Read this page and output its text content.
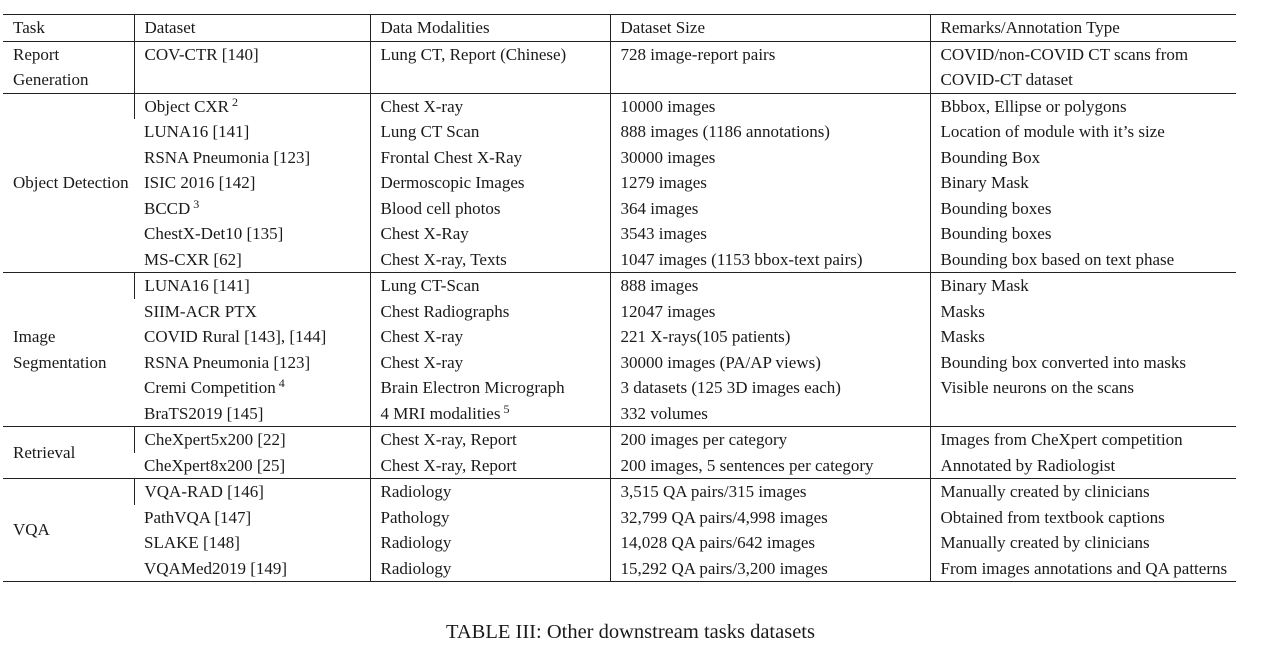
Task	Dataset	Data Modalities	Dataset Size	Remarks/Annotation Type
Report Generation	COV-CTR [140]	Lung CT, Report (Chinese)	728 image-report pairs	COVID/non-COVID CT scans from COVID-CT dataset
Object Detection	Object CXR $^2$	Chest X-ray	10000 images	Bbbox, Ellipse or polygons
	LUNA16 [141]	Lung CT Scan	888 images (1186 annotations)	Location of module with it’s size
	RSNA Pneumonia [123]	Frontal Chest X-Ray	30000 images	Bounding Box
	ISIC 2016 [142]	Dermoscopic Images	1279 images	Binary Mask
	BCCD $^3$	Blood cell photos	364 images	Bounding boxes
	ChestX-Det10 [135]	Chest X-Ray	3543 images	Bounding boxes
	MS-CXR [62]	Chest X-ray, Texts	1047 images (1153 bbox-text pairs)	Bounding box based on text phase
Image Segmentation	LUNA16 [141]	Lung CT-Scan	888 images	Binary Mask
	SIIM-ACR PTX	Chest Radiographs	12047 images	Masks
	COVID Rural [143], [144]	Chest X-ray	221 X-rays(105 patients)	Masks
	RSNA Pneumonia [123]	Chest X-ray	30000 images (PA/AP views)	Bounding box converted into masks
	Cremi Competition $^4$	Brain Electron Micrograph	3 datasets (125 3D images each)	Visible neurons on the scans
	BraTS2019 [145]	4 MRI modalities $^5$	332 volumes	
Retrieval	CheXpert5x200 [22]	Chest X-ray, Report	200 images per category	Images from CheXpert competition
	CheXpert8x200 [25]	Chest X-ray, Report	200 images, 5 sentences per category	Annotated by Radiologist
VQA	VQA-RAD [146]	Radiology	3,515 QA pairs/315 images	Manually created by clinicians
	PathVQA [147]	Pathology	32,799 QA pairs/4,998 images	Obtained from textbook captions
	SLAKE [148]	Radiology	14,028 QA pairs/642 images	Manually created by clinicians
	VQAMed2019 [149]	Radiology	15,292 QA pairs/3,200 images	From images annotations and QA patterns
TABLE III: Other downstream tasks datasets
